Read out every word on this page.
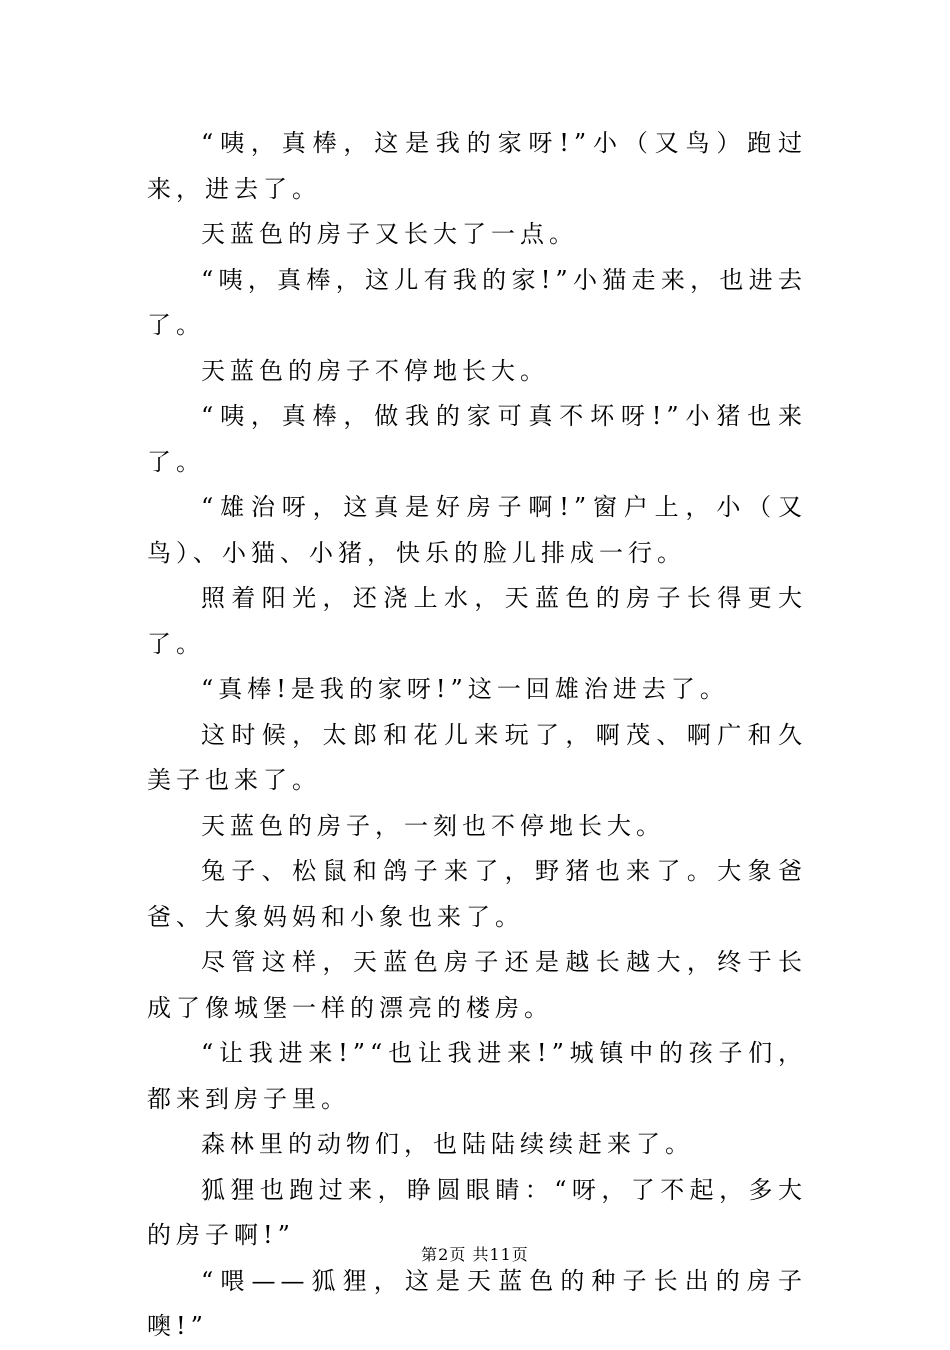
“咦，真棒，这是我的家呀!”小（又鸟）跑过来，进去了。

天蓝色的房子又长大了一点。

“咦，真棒，这儿有我的家!”小猫走来，也进去了。

天蓝色的房子不停地长大。

“咦，真棒，做我的家可真不坏呀!”小猪也来了。

“雄治呀，这真是好房子啊!”窗户上，小（又鸟）、小猫、小猪，快乐的脸儿排成一行。

照着阳光，还浇上水，天蓝色的房子长得更大了。

“真棒!是我的家呀!”这一回雄治进去了。

这时候，太郎和花儿来玩了，啊茂、啊广和久美子也来了。

天蓝色的房子，一刻也不停地长大。

兔子、松鼠和鸽子来了，野猪也来了。大象爸爸、大象妈妈和小象也来了。

尽管这样，天蓝色房子还是越长越大，终于长成了像城堡一样的漂亮的楼房。

“让我进来!”“也让我进来!”城镇中的孩子们，都来到房子里。

森林里的动物们，也陆陆续续赶来了。

狐狸也跑过来，睁圆眼睛：“呀，了不起，多大的房子啊!”

“喂——狐狸，这是天蓝色的种子长出的房子噢!”

第2页 共11页
